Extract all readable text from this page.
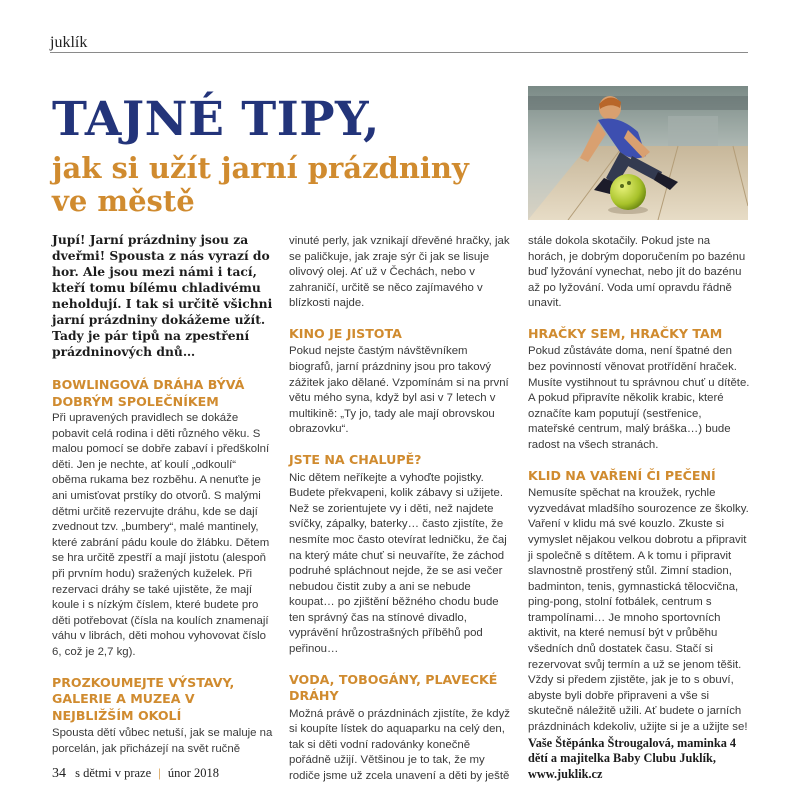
juklík
TAJNÉ TIPY,
jak si užít jarní prázdniny ve městě

Jupí! Jarní prázdniny jsou za dveřmi! Spousta z nás vyrazí do hor. Ale jsou mezi námi i tací, kteří tomu bílému chladivému neholdují. I tak si určitě všichni jarní prázdniny dokážeme užít. Tady je pár tipů na zpestření prázdninových dnů…

BOWLINGOVÁ DRÁHA BÝVÁ DOBRÝM SPOLEČNÍKEM

Při upravených pravidlech se dokáže pobavit celá rodina i děti různého věku. S malou pomocí se dobře zabaví i předškolní děti. Jen je nechte, ať koulí „odkoulí“ oběma rukama bez rozběhu. A nenuťte je ani umisťovat prstíky do otvorů. S malými dětmi určitě rezervujte dráhu, kde se dají zvednout tzv. „bumbery“, malé mantinely, které zabrání pádu koule do žlábku. Dětem se hra určitě zpestří a mají jistotu (alespoň při prvním hodu) sražených kuželek. Při rezervaci dráhy se také ujistěte, že mají koule i s nízkým číslem, které budete pro děti potřebovat (čísla na koulích znamenají váhu v librách, děti mohou vyhovovat číslo 6, což je 2,7 kg).

PROZKOUMEJTE VÝSTAVY, GALERIE A MUZEA V NEJBLIŽŠÍM OKOLÍ

Spousta dětí vůbec netuší, jak se maluje na porcelán, jak přicházejí na svět ručně

vinuté perly, jak vznikají dřevěné hračky, jak se paličkuje, jak zraje sýr či jak se lisuje olivový olej. Ať už v Čechách, nebo v zahraničí, určitě se něco zajímavého v blízkosti najde.

KINO JE JISTOTA

Pokud nejste častým návštěvníkem biografů, jarní prázdniny jsou pro takový zážitek jako dělané. Vzpomínám si na první větu mého syna, když byl asi v 7 letech v multikině: „Ty jo, tady ale mají obrovskou obrazovku“.

JSTE NA CHALUPĚ?

Nic dětem neříkejte a vyhoďte pojistky. Budete překvapeni, kolik zábavy si užijete. Než se zorientujete vy i děti, než najdete svíčky, zápalky, baterky… často zjistíte, že nesmíte moc často otevírat ledničku, že čaj na který máte chuť si neuvaříte, že záchod podruhé spláchnout nejde, že se asi večer nebudou čistit zuby a ani se nebude koupat… po zjištění běžného chodu bude ten správný čas na stínové divadlo, vyprávění hrůzostrašných příběhů pod peřinou…

VODA, TOBOGÁNY, PLAVECKÉ DRÁHY

Možná právě o prázdninách zjistíte, že když si koupíte lístek do aquaparku na celý den, tak si děti vodní radovánky konečně pořádně užijí. Většinou je to tak, že my rodiče jsme už zcela unavení a děti by ještě

stále dokola skotačily. Pokud jste na horách, je dobrým doporučením po bazénu buď lyžování vynechat, nebo jít do bazénu až po lyžování. Voda umí opravdu řádně unavit.

HRAČKY SEM, HRAČKY TAM

Pokud zůstáváte doma, není špatné den bez povinností věnovat protřídění hraček. Musíte vystihnout tu správnou chuť u dítěte. A pokud připravíte několik krabic, které označíte kam poputují (sestřenice, mateřské centrum, malý bráška…) bude radost na všech stranách.

KLID NA VAŘENÍ ČI PEČENÍ

Nemusíte spěchat na kroužek, rychle vyzvedávat mladšího sourozence ze školky. Vaření v klidu má své kouzlo. Zkuste si vymyslet nějakou velkou dobrotu a připravit ji společně s dítětem. A k tomu i připravit slavnostně prostřený stůl. Zimní stadion, badminton, tenis, gymnastická tělocvična, ping-pong, stolní fotbálek, centrum s trampolínami… Je mnoho sportovních aktivit, na které nemusí být v průběhu všedních dnů dostatek času. Stačí si rezervovat svůj termín a už se jenom těšit. Vždy si předem zjistěte, jak je to s obuví, abyste byli dobře připraveni a vše si skutečně náležitě užili. Ať budete o jarních prázdninách kdekoliv, užijte si je a užijte se!

Vaše Štěpánka Štrougalová, maminka 4 dětí a majitelka Baby Clubu Juklík, www.juklik.cz

34 s dětmi v praze | únor 2018
